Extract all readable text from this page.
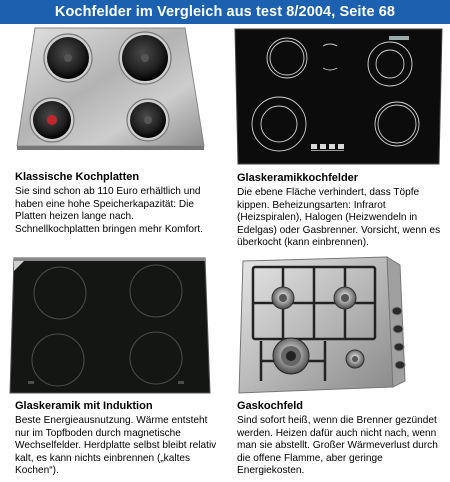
Kochfelder im Vergleich aus test 8/2004, Seite 68
Klassische Kochplatten
Sie sind schon ab 110 Euro erhältlich und haben eine hohe Speicherkapazität: Die Platten heizen lange nach. Schnellkochplatten bringen mehr Komfort.
Glaskeramikkochfelder
Die ebene Fläche verhindert, dass Töpfe kippen. Beheizungsarten: Infrarot (Heizspiralen), Halogen (Heizwendeln in Edelgas) oder Gasbrenner. Vorsicht, wenn es überkocht (kann einbrennen).
Glaskeramik mit Induktion
Beste Energieausnutzung. Wärme entsteht nur im Topfboden durch magnetische Wechselfelder. Herdplatte selbst bleibt relativ kalt, es kann nichts einbrennen („kaltes Kochen“).
Gaskochfeld
Sind sofort heiß, wenn die Brenner gezündet werden. Heizen dafür auch nicht nach, wenn man sie abstellt. Großer Wärmeverlust durch die offene Flamme, aber geringe Energiekosten.
